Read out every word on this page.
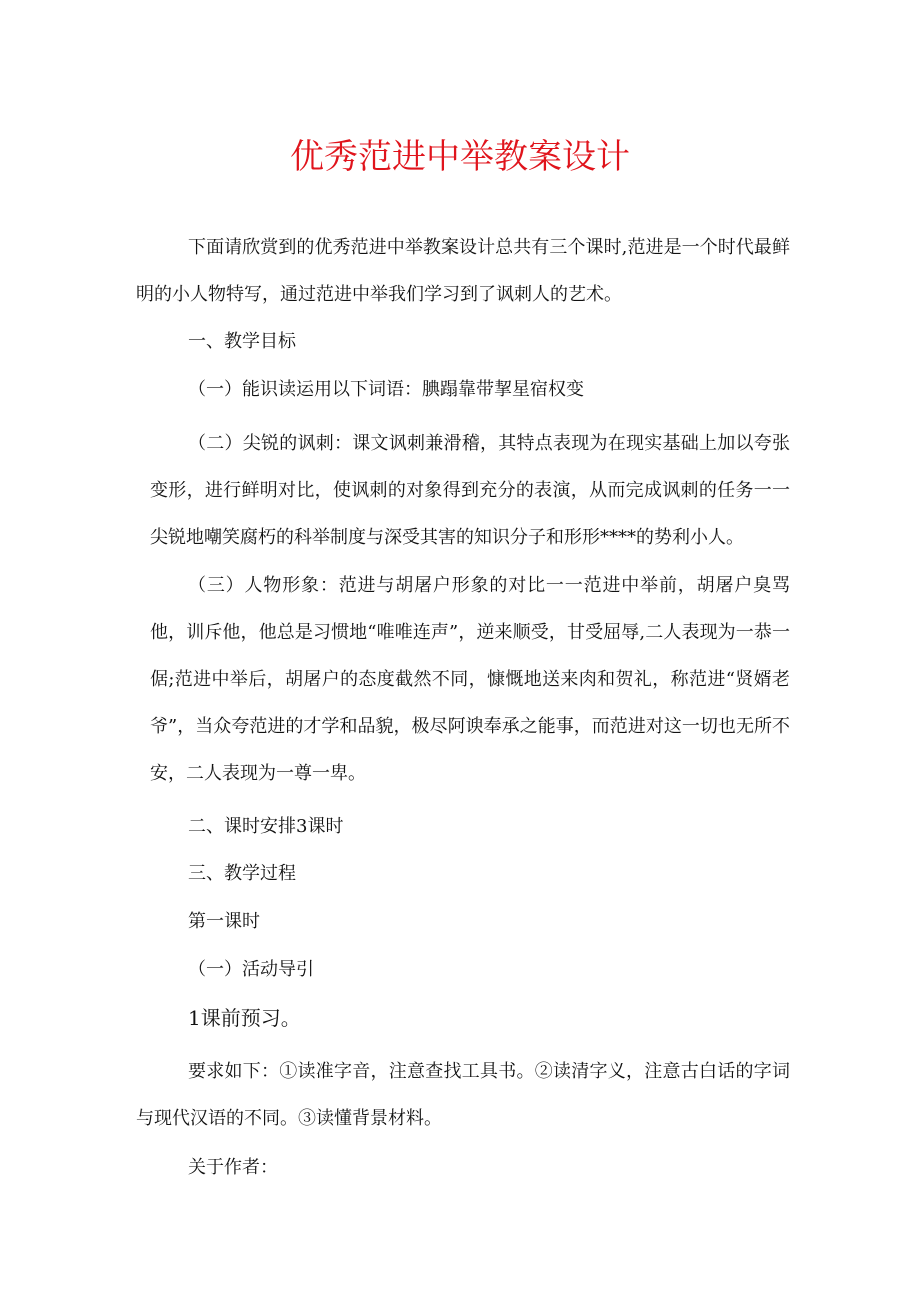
优秀范进中举教案设计

下面请欣赏到的优秀范进中举教案设计总共有三个课时,范进是一个时代最鲜明的小人物特写，通过范进中举我们学习到了讽刺人的艺术。

一、教学目标

（一）能识读运用以下词语：腆蹋靠带挈星宿权变

（二）尖锐的讽刺：课文讽刺兼滑稽，其特点表现为在现实基础上加以夸张变形，进行鲜明对比，使讽刺的对象得到充分的表演，从而完成讽刺的任务一一尖锐地嘲笑腐朽的科举制度与深受其害的知识分子和形形****的势利小人。

（三）人物形象：范进与胡屠户形象的对比一一范进中举前，胡屠户臭骂他，训斥他，他总是习惯地“唯唯连声”，逆来顺受，甘受屈辱,二人表现为一恭一倨;范进中举后，胡屠户的态度截然不同，慷慨地送来肉和贺礼，称范进“贤婿老爷”，当众夸范进的才学和品貌，极尽阿谀奉承之能事，而范进对这一切也无所不安，二人表现为一尊一卑。

二、课时安排3课时

三、教学过程

第一课时

（一）活动导引

1课前预习。

要求如下：①读准字音，注意查找工具书。②读清字义，注意古白话的字词与现代汉语的不同。③读懂背景材料。

关于作者：
